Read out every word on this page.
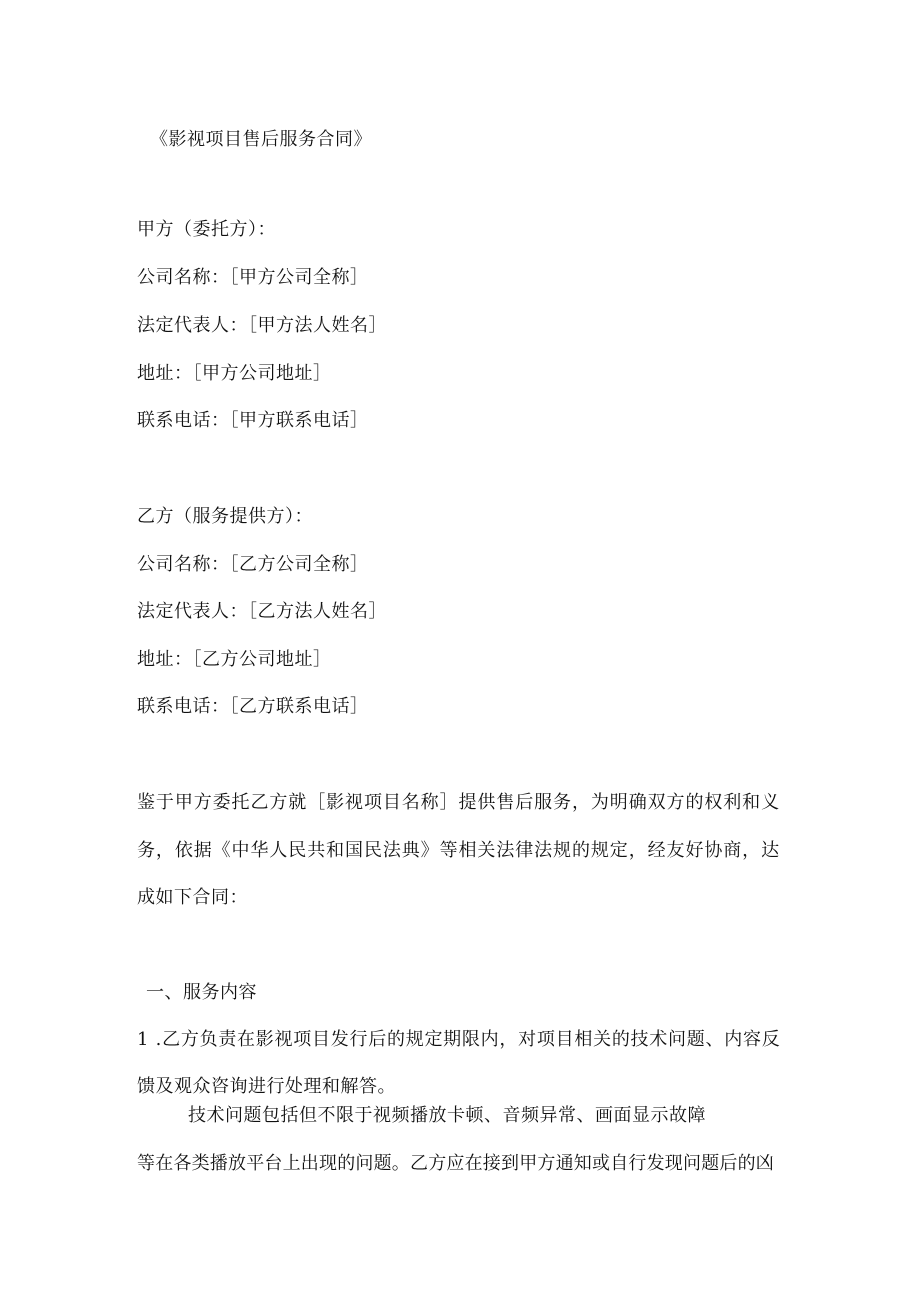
《影视项目售后服务合同》
甲方（委托方）：
公司名称：［甲方公司全称］
法定代表人：［甲方法人姓名］
地址：［甲方公司地址］
联系电话：［甲方联系电话］
乙方（服务提供方）：
公司名称：［乙方公司全称］
法定代表人：［乙方法人姓名］
地址：［乙方公司地址］
联系电话：［乙方联系电话］
鉴于甲方委托乙方就［影视项目名称］提供售后服务，为明确双方的权利和义
务，依据《中华人民共和国民法典》等相关法律法规的规定，经友好协商，达
成如下合同：
一、服务内容
1 .乙方负责在影视项目发行后的规定期限内，对项目相关的技术问题、内容反
馈及观众咨询进行处理和解答。
技术问题包括但不限于视频播放卡顿、音频异常、画面显示故障
等在各类播放平台上出现的问题。乙方应在接到甲方通知或自行发现问题后的凶
